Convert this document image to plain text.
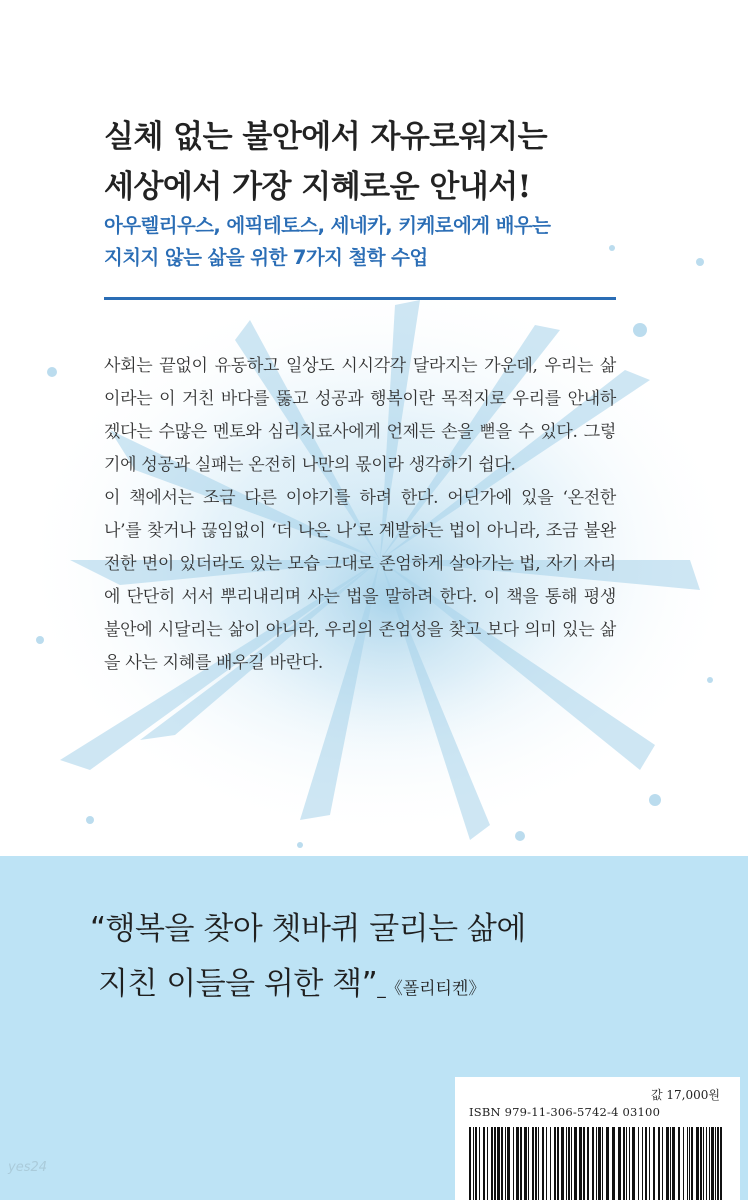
실체 없는 불안에서 자유로워지는
세상에서 가장 지혜로운 안내서!
아우렐리우스, 에픽테토스, 세네카, 키케로에게 배우는
지치지 않는 삶을 위한 7가지 철학 수업

사회는 끝없이 유동하고 일상도 시시각각 달라지는 가운데, 우리는 삶이라는 이 거친 바다를 뚫고 성공과 행복이란 목적지로 우리를 안내하겠다는 수많은 멘토와 심리치료사에게 언제든 손을 뻗을 수 있다. 그렇기에 성공과 실패는 온전히 나만의 몫이라 생각하기 쉽다.

이 책에서는 조금 다른 이야기를 하려 한다. 어딘가에 있을 ‘온전한 나’를 찾거나 끊임없이 ‘더 나은 나’로 계발하는 법이 아니라, 조금 불완전한 면이 있더라도 있는 모습 그대로 존엄하게 살아가는 법, 자기 자리에 단단히 서서 뿌리내리며 사는 법을 말하려 한다. 이 책을 통해 평생 불안에 시달리는 삶이 아니라, 우리의 존엄성을 찾고 보다 의미 있는 삶을 사는 지혜를 배우길 바란다.

“행복을 찾아 쳇바퀴 굴리는 삶에
지친 이들을 위한 책”_《폴리티켄》
값 17,000원
ISBN 979-11-306-5742-4 03100
yes24
